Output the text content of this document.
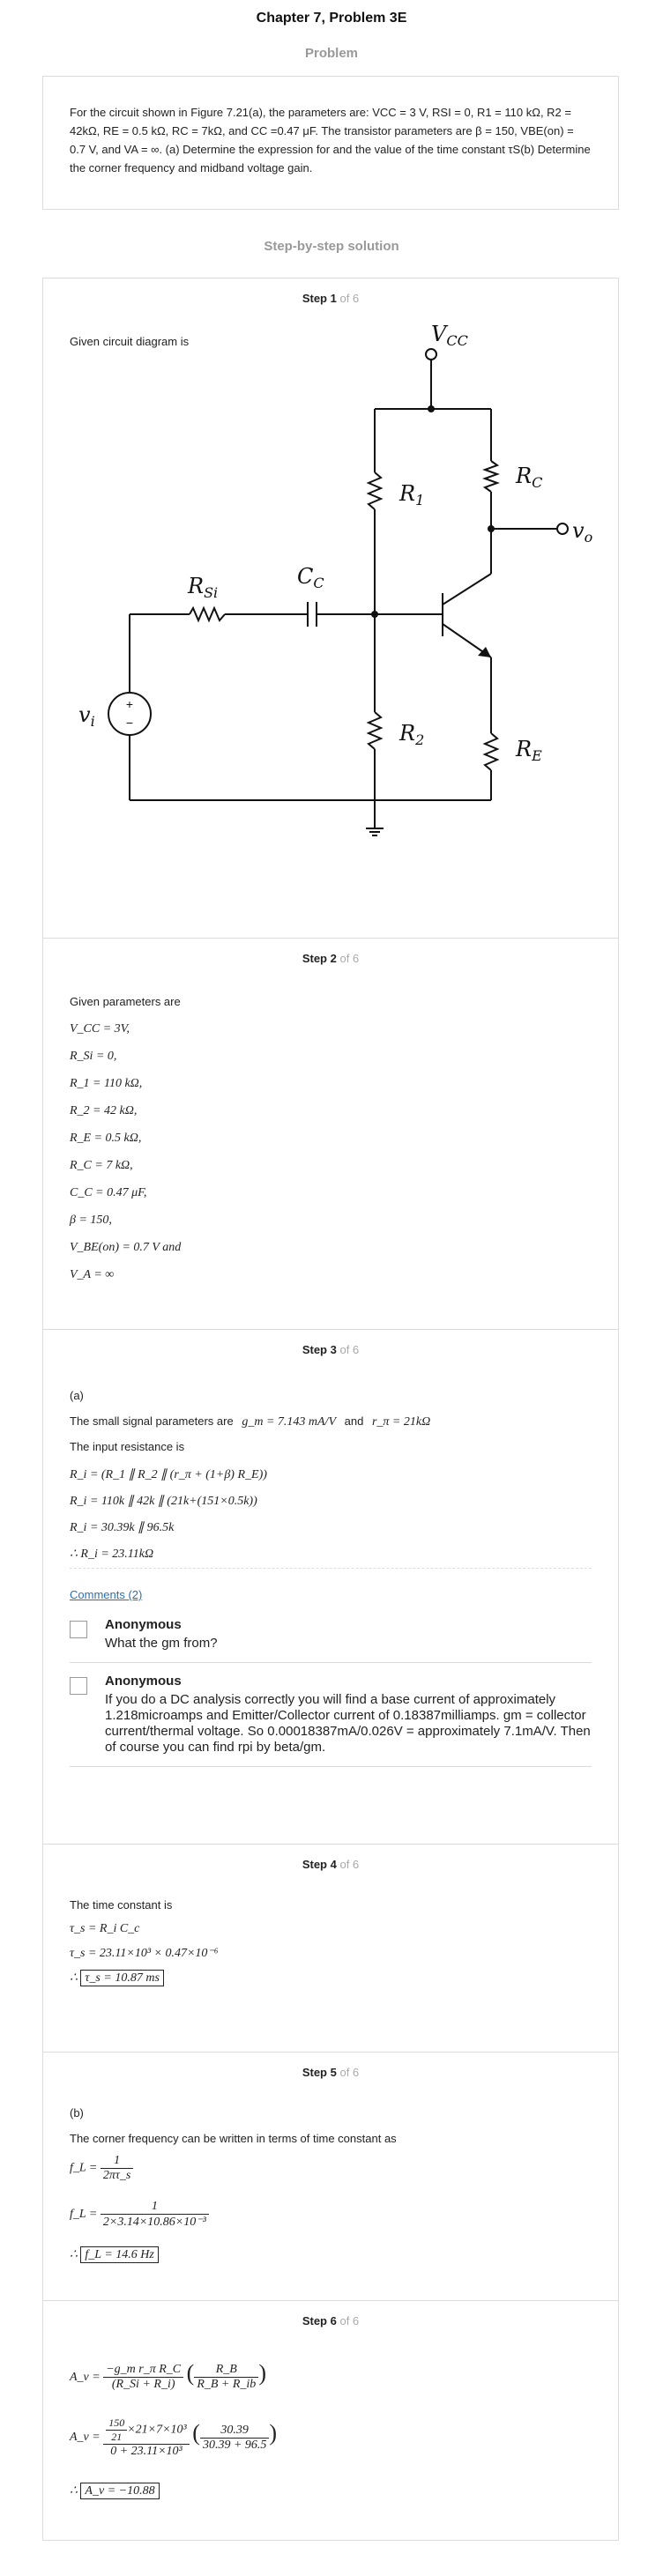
Chapter 7, Problem 3E
Problem
For the circuit shown in Figure 7.21(a), the parameters are: VCC = 3 V, RSI = 0, R1 = 110 kΩ, R2 = 42kΩ, RE = 0.5 kΩ, RC = 7kΩ, and CC =0.47 μF. The transistor parameters are β = 150, VBE(on) = 0.7 V, and VA = ∞. (a) Determine the expression for and the value of the time constant τS(b) Determine the corner frequency and midband voltage gain.
Step-by-step solution
Step 1 of 6
Given circuit diagram is
+
−
$V_{CC}$
$R_1$
$R_C$
$v_o$
$R_{Si}$
$C_C$
$v_i$	$R_2$	$R_E$
Step 2 of 6
Given parameters are
V_CC = 3V,
R_Si = 0,
R_1 = 110 kΩ,
R_2 = 42 kΩ,
R_E = 0.5 kΩ,
R_C = 7 kΩ,
C_C = 0.47 μF,
β = 150,
V_BE(on) = 0.7 V and
V_A = ∞
Step 3 of 6
(a)
The small signal parameters are g_m = 7.143 mA/V and r_π = 21kΩ
The input resistance is
R_i = (R_1 ∥ R_2 ∥ (r_π + (1+β) R_E))
R_i = 110k ∥ 42k ∥ (21k+(151×0.5k))
R_i = 30.39k ∥ 96.5k
∴ R_i = 23.11kΩ
Comments (2)
Anonymous
What the gm from?
Anonymous
If you do a DC analysis correctly you will find a base current of approximately 1.218microamps and Emitter/Collector current of 0.18387milliamps. gm = collector current/thermal voltage. So 0.00018387mA/0.026V = approximately 7.1mA/V. Then of course you can find rpi by beta/gm.
Step 4 of 6
The time constant is
τ_s = R_i C_c
τ_s = 23.11×10³ × 0.47×10⁻⁶
∴ τ_s = 10.87 ms
Step 5 of 6
(b)
The corner frequency can be written in terms of time constant as
f_L = $\frac{1}{2\pi\tau\_s}$
f_L = $\frac{1}{\text{2×3.14×10.86×10⁻³}}$
∴ f_L = 14.6 Hz
Step 6 of 6
A_v = $\frac{\text{−g\_m r\_π R\_C}}{(R\_Si + R\_i)}$ ( $\frac{R\_B}{R\_B + R\_ib}$ )
A_v = $\frac{\frac{150}{21} \times 21\times 7\times 10^3}{\text{0 + 23.11×10³}}$ ( $\frac{30.39}{30.39 + 96.5}$ )
∴ A_v = −10.88
